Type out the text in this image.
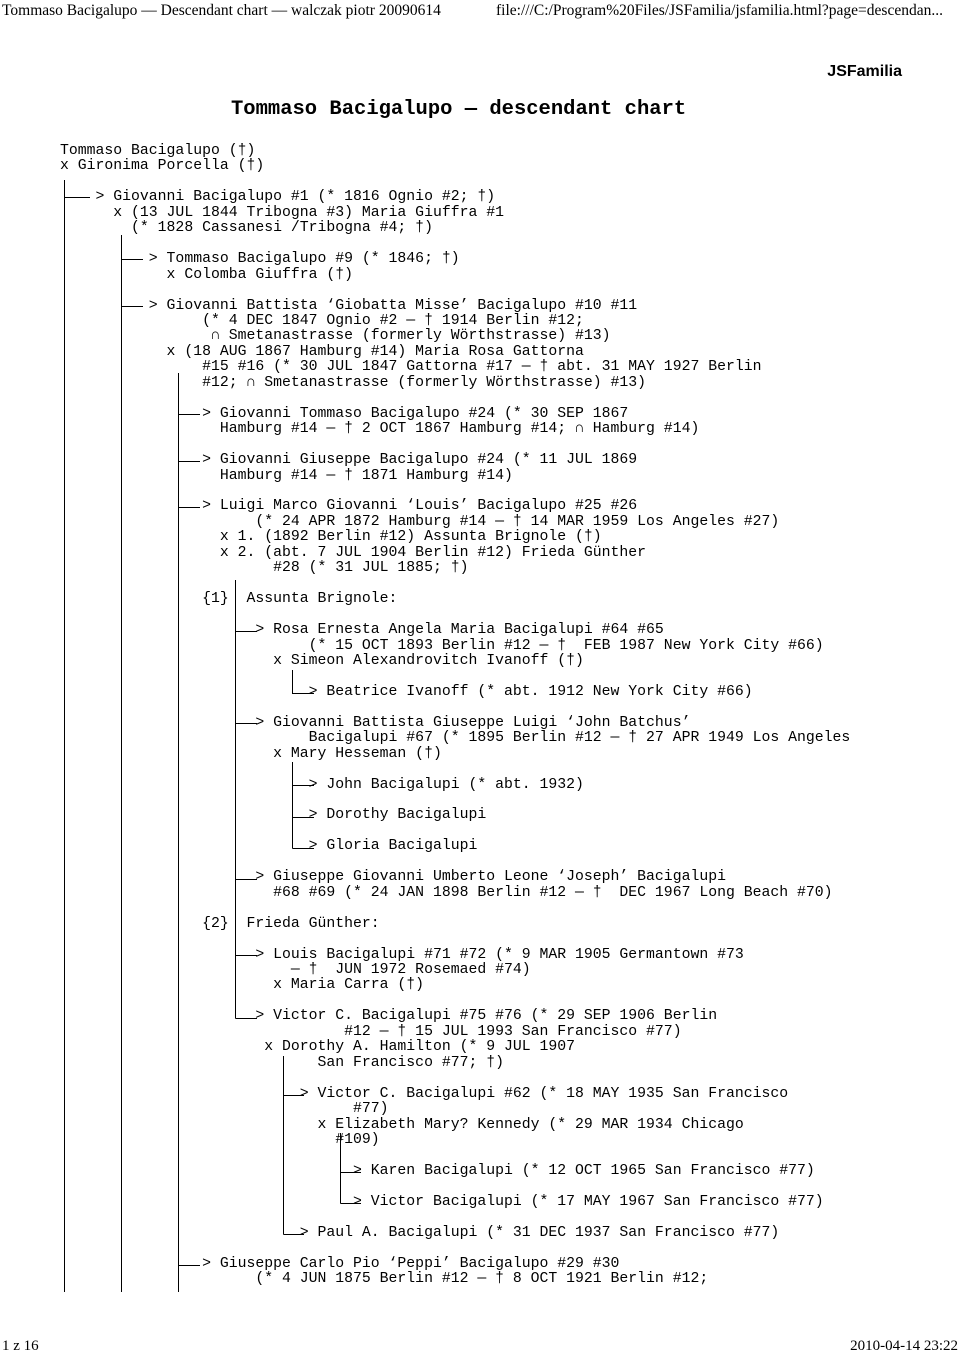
Tommaso Bacigalupo — Descendant chart — walczak piotr 20090614	file:///C:/Program%20Files/JSFamilia/jsfamilia.html?page=descendan...
JSFamilia
Tommaso Bacigalupo — descendant chart
Tommaso Bacigalupo (†)
x Gironima Porcella (†)

> Giovanni Bacigalupo #1 (* 1816 Ognio #2; †)
x (13 JUL 1844 Tribogna #3) Maria Giuffra #1
(* 1828 Cassanesi /Tribogna #4; †)

> Tommaso Bacigalupo #9 (* 1846; †)
x Colomba Giuffra (†)

> Giovanni Battista ‘Giobatta Misse’ Bacigalupo #10 #11
(* 4 DEC 1847 Ognio #2 — † 1914 Berlin #12;
∩ Smetanastrasse (formerly Wörthstrasse) #13)
x (18 AUG 1867 Hamburg #14) Maria Rosa Gattorna
#15 #16 (* 30 JUL 1847 Gattorna #17 — † abt. 31 MAY 1927 Berlin
#12; ∩ Smetanastrasse (formerly Wörthstrasse) #13)

> Giovanni Tommaso Bacigalupo #24 (* 30 SEP 1867
Hamburg #14 — † 2 OCT 1867 Hamburg #14; ∩ Hamburg #14)

> Giovanni Giuseppe Bacigalupo #24 (* 11 JUL 1869
Hamburg #14 — † 1871 Hamburg #14)

> Luigi Marco Giovanni ‘Louis’ Bacigalupo #25 #26
(* 24 APR 1872 Hamburg #14 — † 14 MAR 1959 Los Angeles #27)
x 1. (1892 Berlin #12) Assunta Brignole (†)
x 2. (abt. 7 JUL 1904 Berlin #12) Frieda Günther
#28 (* 31 JUL 1885; †)

{1}  Assunta Brignole:

> Rosa Ernesta Angela Maria Bacigalupi #64 #65
(* 15 OCT 1893 Berlin #12 — †  FEB 1987 New York City #66)
x Simeon Alexandrovitch Ivanoff (†)

> Beatrice Ivanoff (* abt. 1912 New York City #66)

> Giovanni Battista Giuseppe Luigi ‘John Batchus’
Bacigalupi #67 (* 1895 Berlin #12 — † 27 APR 1949 Los Angeles
x Mary Hesseman (†)

> John Bacigalupi (* abt. 1932)

> Dorothy Bacigalupi

> Gloria Bacigalupi

> Giuseppe Giovanni Umberto Leone ‘Joseph’ Bacigalupi
#68 #69 (* 24 JAN 1898 Berlin #12 — †  DEC 1967 Long Beach #70)

{2}  Frieda Günther:

> Louis Bacigalupi #71 #72 (* 9 MAR 1905 Germantown #73
— †  JUN 1972 Rosemaed #74)
x Maria Carra (†)

> Victor C. Bacigalupi #75 #76 (* 29 SEP 1906 Berlin
#12 — † 15 JUL 1993 San Francisco #77)
x Dorothy A. Hamilton (* 9 JUL 1907
San Francisco #77; †)

> Victor C. Bacigalupi #62 (* 18 MAY 1935 San Francisco
#77)
x Elizabeth Mary? Kennedy (* 29 MAR 1934 Chicago
#109)

> Karen Bacigalupi (* 12 OCT 1965 San Francisco #77)

> Victor Bacigalupi (* 17 MAY 1967 San Francisco #77)

> Paul A. Bacigalupi (* 31 DEC 1937 San Francisco #77)

> Giuseppe Carlo Pio ‘Peppi’ Bacigalupo #29 #30
(* 4 JUN 1875 Berlin #12 — † 8 OCT 1921 Berlin #12;

1 z 16	2010-04-14 23:22
